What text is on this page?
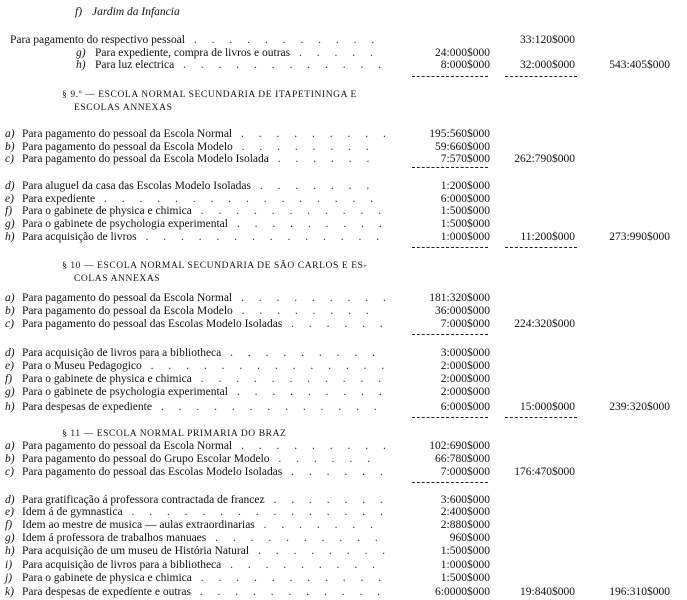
f) Jardim da Infancia
Para pagamento do respectivo pessoal . . . . . . . . . . .	33:120$000
g) Para expediente, compra de livros e outras . . . . .	24:000$000
h) Para luz electrica . . . . . . . . . . . .	8:000$000	32:000$000	543:405$000
§ 9.º — ESCOLA NORMAL SECUNDARIA DE ITAPETININGA E
ESCOLAS ANNEXAS
a) Para pagamento do pessoal da Escola Normal . . . . . . . . .	195:560$000
b) Para pagamento do pessoal da Escola Modelo . . . . . . . .	59:660$000
c) Para pagamento do pessoal da Escola Modelo Isolada . . . . . .	7:570$000	262:790$000
d) Para aluguel da casa das Escolas Modelo Isoladas . . . . . . .	1:200$000
e) Para expediente . . . . . . . . . . . . . . . .	6:000$000
f) Para o gabinete de physica e chimica . . . . . . . . . . .	1:500$000
g) Para o gabinete de psychologia experimental . . . . . . . . .	1:500$000
h) Para acquisição de livros . . . . . . . . . . . . . .	1:000$000	11:200$000	273:990$000
§ 10 — ESCOLA NORMAL SECUNDARIA DE SÃO CARLOS E ES-
COLAS ANNEXAS
a) Para pagamento do pessoal da Escola Normal . . . . . . . . .	181:320$000
b) Para pagamento do pessoal da Escola Modelo . . . . . . . .	36:000$000
c) Para pagamento do pessoal das Escolas Modelo Isoladas . . . . . .	7:000$000	224:320$000
d) Para acquisição de livros para a bibliotheca . . . . . . . . .	3:000$000
e) Para o Museu Pedagogico . . . . . . . . . . . . . .	2:000$000
f) Para o gabinete de physica e chimica . . . . . . . . . . .	2:000$000
g) Para o gabinete de psychologia experimental . . . . . . . . .	2:000$000
h) Para despesas de expediente . . . . . . . . . . . . .	6:000$000	15:000$000	239:320$000
§ 11 — ESCOLA NORMAL PRIMARIA DO BRAZ
a) Para pagamento do pessoal da Escola Normal . . . . . . . . .	102:690$000
b) Para pagamento do pessoal do Grupo Escolar Modelo . . . . . .	66:780$000
c) Para pagamento do pessoal das Escolas Modelo Isoladas . . . . . .	7:000$000	176:470$000
d) Para gratificação á professora contractada de francez . . . . . . .	3:600$000
e) Idem á de gymnastica . . . . . . . . . . . . . . .	2:400$000
f) Idem ao mestre de musica — aulas extraordinarias . . . . . . .	2:880$000
g) Idem á professora de trabalhos manuaes . . . . . . . . . .	960$000
h) Para acquisição de um museu de História Natural . . . . . . . .	1:500$000
i) Para acquisição de livros para a bibliotheca . . . . . . . . .	1:000$000
j) Para o gabinete de physica e chimica . . . . . . . . . . .	1:500$000
k) Para despesas de expediente e outras . . . . . . . . . . .	6:0000$000	19:840$000	196:310$000
